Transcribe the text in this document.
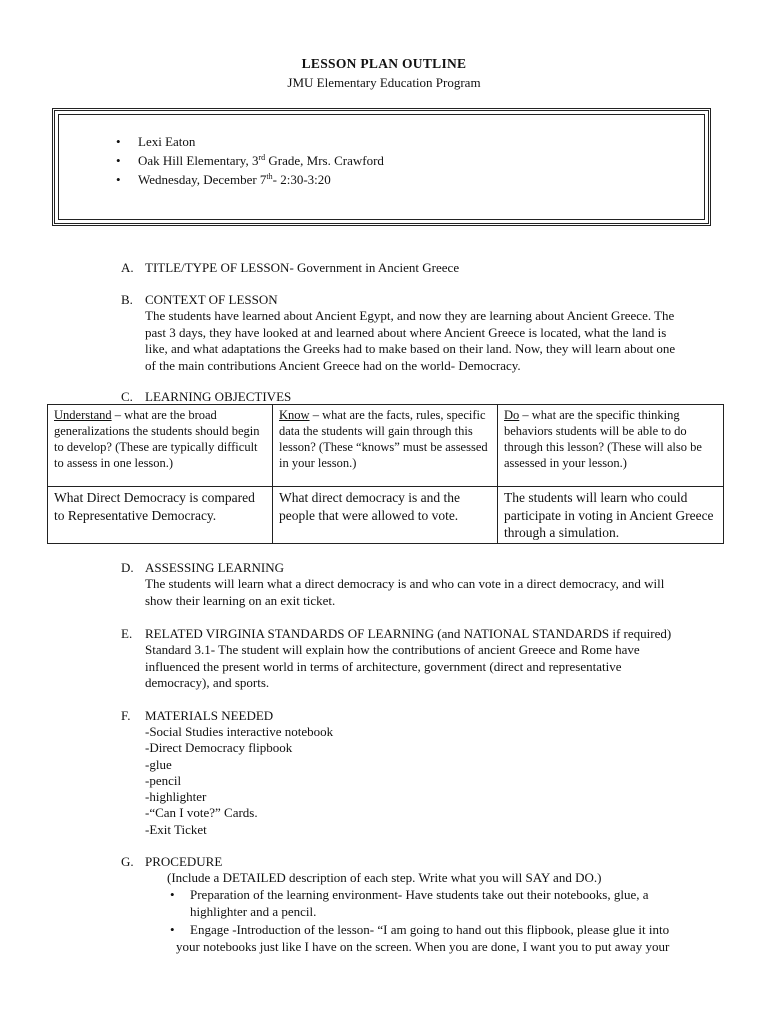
LESSON PLAN OUTLINE
JMU Elementary Education Program
• Lexi Eaton
• Oak Hill Elementary, 3rd Grade, Mrs. Crawford
• Wednesday, December 7th- 2:30-3:20
A. TITLE/TYPE OF LESSON- Government in Ancient Greece
B. CONTEXT OF LESSON
The students have learned about Ancient Egypt, and now they are learning about Ancient Greece. The
past 3 days, they have looked at and learned about where Ancient Greece is located, what the land is
like, and what adaptations the Greeks had to make based on their land. Now, they will learn about one
of the main contributions Ancient Greece had on the world- Democracy.
C. LEARNING OBJECTIVES
Understand – what are the broad generalizations the students should begin to develop? (These are typically difficult to assess in one lesson.)	Know – what are the facts, rules, specific data the students will gain through this lesson? (These “knows” must be assessed in your lesson.)	Do – what are the specific thinking behaviors students will be able to do through this lesson? (These will also be assessed in your lesson.)
What Direct Democracy is compared to Representative Democracy.	What direct democracy is and the people that were allowed to vote.	The students will learn who could participate in voting in Ancient Greece through a simulation.
D. ASSESSING LEARNING
The students will learn what a direct democracy is and who can vote in a direct democracy, and will
show their learning on an exit ticket.
E. RELATED VIRGINIA STANDARDS OF LEARNING (and NATIONAL STANDARDS if required)
Standard 3.1- The student will explain how the contributions of ancient Greece and Rome have
influenced the present world in terms of architecture, government (direct and representative
democracy), and sports.
F. MATERIALS NEEDED
-Social Studies interactive notebook
-Direct Democracy flipbook
-glue
-pencil
-highlighter
-“Can I vote?” Cards.
-Exit Ticket
G. PROCEDURE
(Include a DETAILED description of each step. Write what you will SAY and DO.)
• Preparation of the learning environment- Have students take out their notebooks, glue, a
highlighter and a pencil.
• Engage -Introduction of the lesson- “I am going to hand out this flipbook, please glue it into
your notebooks just like I have on the screen. When you are done, I want you to put away your
